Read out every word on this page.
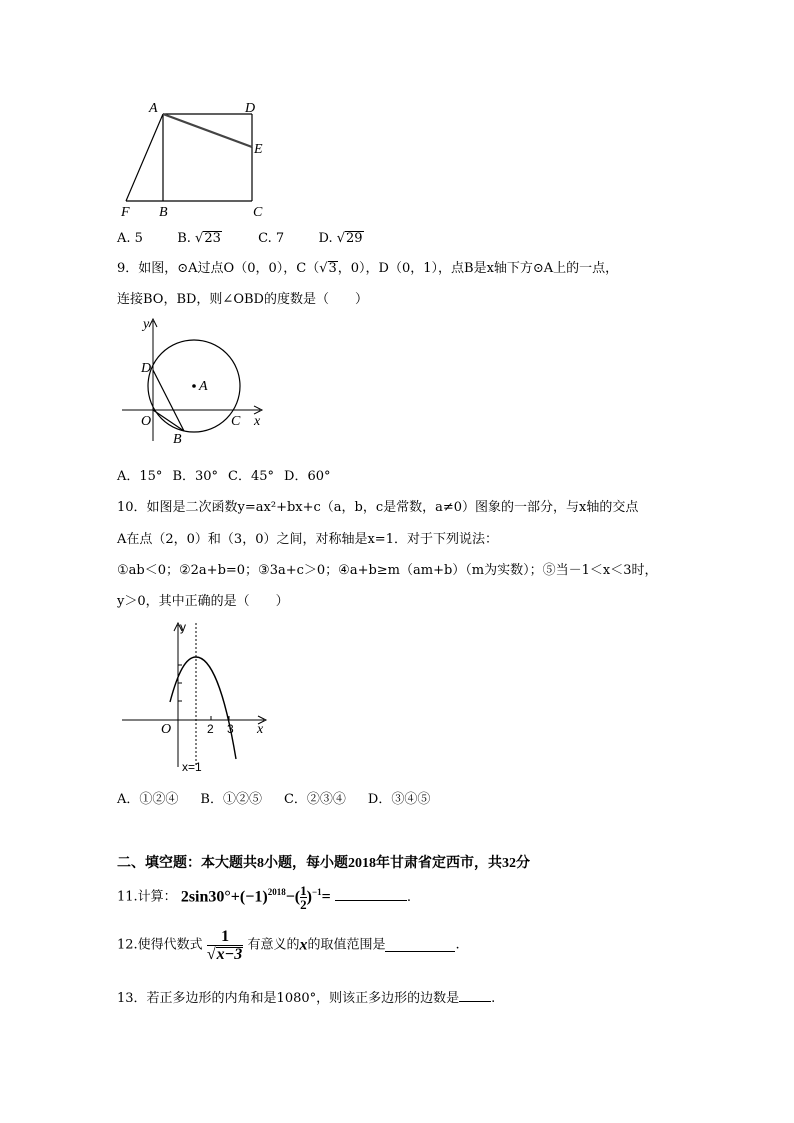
A	D
E
F B	C
A. 5	B. √23	C. 7	D. √29
9．如图，⊙A过点O（0，0），C（√3，0），D（0，1），点B是x轴下方⊙A上的一点，
连接BO，BD，则∠OBD的度数是（　　）
y
x
D
A
O
B
C
A．15° B．30° C．45° D．60°
10．如图是二次函数y=ax²+bx+c（a，b，c是常数，a≠0）图象的一部分，与x轴的交点
A在点（2，0）和（3，0）之间，对称轴是x=1．对于下列说法：
①ab＜0；②2a+b=0；③3a+c＞0；④a+b≥m（am+b）（m为实数）；⑤当－1＜x＜3时，
y＞0，其中正确的是（　　）
y
x
O	2 3
x=1
A．①②④ B．①②⑤ C．②③④ D．③④⑤
二、填空题：本大题共8小题，每小题2018年甘肃省定西市，共32分
11.计算： $2\sin 30^\circ+(-1)^{2018}-( \frac{1}{2} )^{-1}=$	.
12.使得代数式 $\frac{1}{√x-3}$ 有意义的x的取值范围是	.
13．若正多边形的内角和是1080°，则该正多边形的边数是 .
